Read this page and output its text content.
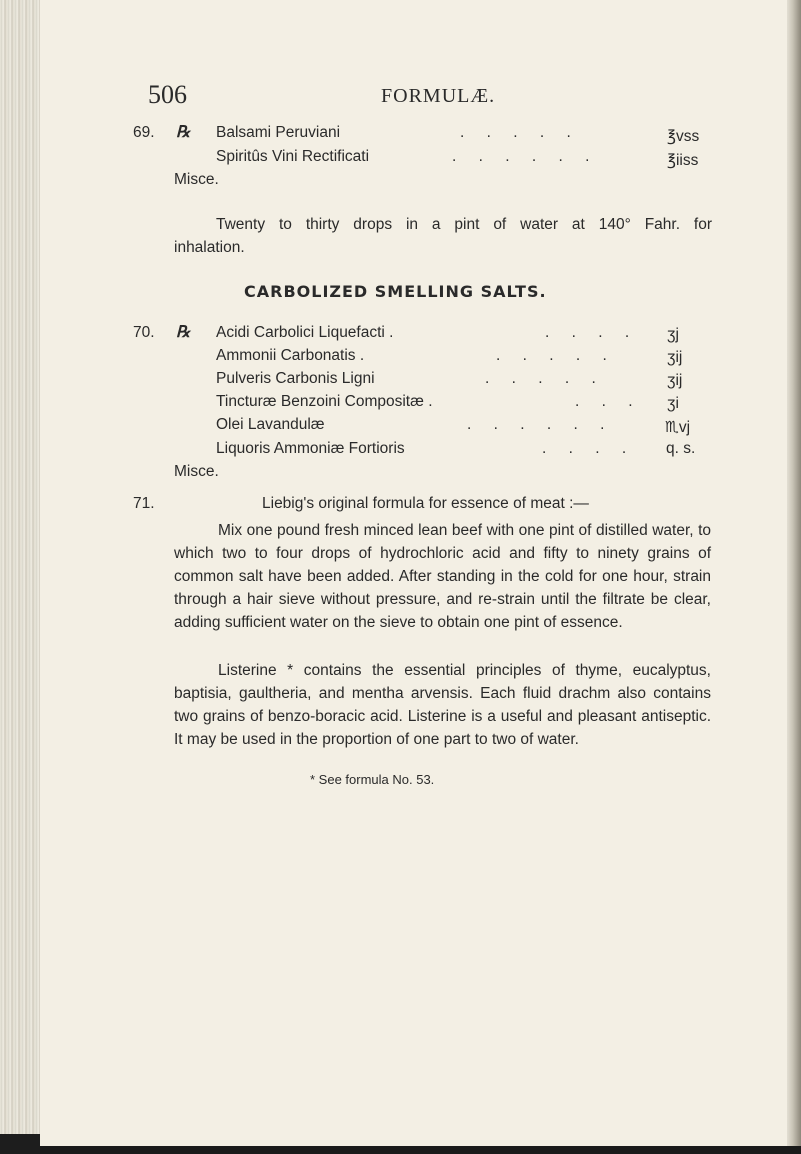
506	FORMULÆ.
69. ℞ Balsami Peruviani	. . . . .	℥vss
Spiritûs Vini Rectificati	. . . . . .	℥iiss
Misce.
Twenty to thirty drops in a pint of water at 140° Fahr. for
inhalation.
CARBOLIZED SMELLING SALTS.
70. ℞ Acidi Carbolici Liquefacti .	. . . . ʒj
Ammonii Carbonatis .	. . . . .	ʒij
Pulveris Carbonis Ligni	. . . . .	ʒij
Tincturæ Benzoini Compositæ .	. . . ʒi
Olei Lavandulæ	. . . . . .	♏vj
Liquoris Ammoniæ Fortioris	. . . . q. s.
Misce.
71.	Liebig's original formula for essence of meat :—

Mix one pound fresh minced lean beef with one pint of distilled water, to which two to four drops of hydrochloric acid and fifty to ninety grains of common salt have been added. After standing in the cold for one hour, strain through a hair sieve without pressure, and re-strain until the filtrate be clear, adding sufficient water on the sieve to obtain one pint of essence.

Listerine * contains the essential principles of thyme, eucalyptus, baptisia, gaultheria, and mentha arvensis. Each fluid drachm also contains two grains of benzo-boracic acid. Listerine is a useful and pleasant antiseptic. It may be used in the proportion of one part to two of water.

* See formula No. 53.
